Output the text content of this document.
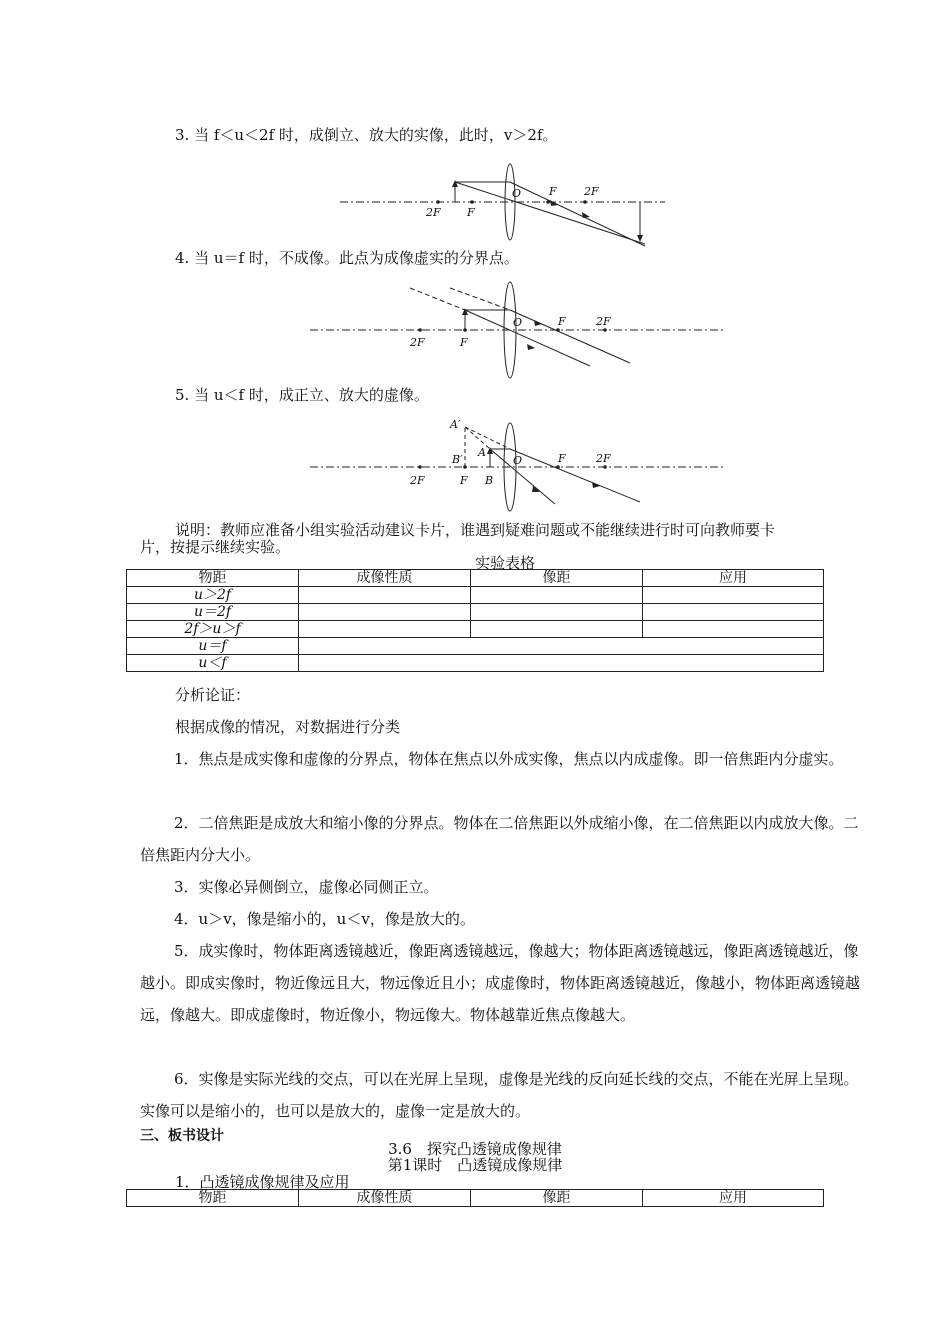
3. 当 f＜u＜2f 时，成倒立、放大的实像，此时，v＞2f。
2F F
O	F 2F
4. 当 u＝f 时，不成像。此点为成像虚实的分界点。
2F	F
O	F	2F
5. 当 u＜f 时，成正立、放大的虚像。
A′
B′
A
B
2F	F
O	F	2F
说明：教师应准备小组实验活动建议卡片，谁遇到疑难问题或不能继续进行时可向教师要卡
片，按提示继续实验。
实验表格
物距	成像性质	像距	应用
u＞2f			
u＝2f			
2f＞u＞f			
u＝f			
u＜f			
分析论证：
根据成像的情况，对数据进行分类
1．焦点是成实像和虚像的分界点，物体在焦点以外成实像，焦点以内成虚像。即一倍焦距内分虚实。
2．二倍焦距是成放大和缩小像的分界点。物体在二倍焦距以外成缩小像，在二倍焦距以内成放大像。二倍焦距内分大小。
3．实像必异侧倒立，虚像必同侧正立。
4．u＞v，像是缩小的，u＜v，像是放大的。
5．成实像时，物体距离透镜越近，像距离透镜越远，像越大；物体距离透镜越远，像距离透镜越近，像越小。即成实像时，物近像远且大，物远像近且小；成虚像时，物体距离透镜越近，像越小，物体距离透镜越远，像越大。即成虚像时，物近像小，物远像大。物体越靠近焦点像越大。
6．实像是实际光线的交点，可以在光屏上呈现，虚像是光线的反向延长线的交点，不能在光屏上呈现。实像可以是缩小的，也可以是放大的，虚像一定是放大的。
三、板书设计
3.6　探究凸透镜成像规律
第1课时　凸透镜成像规律
1．凸透镜成像规律及应用
物距	成像性质	像距	应用
